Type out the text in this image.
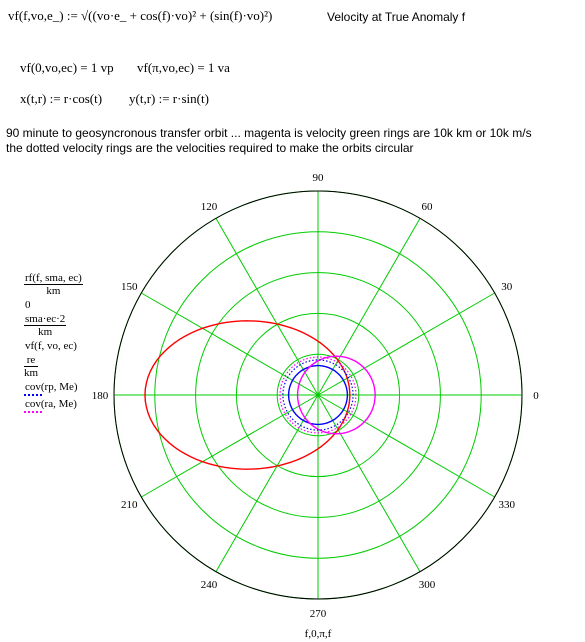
vf(f,vo,e_) := √((vo·e_ + cos(f)·vo)² + (sin(f)·vo)²)	Velocity at True Anomaly f
vf(0,vo,ec) = 1 vp vf(π,vo,ec) = 1 va
x(t,r) := r·cos(t) y(t,r) := r·sin(t)
90 minute to geosyncronous transfer orbit ... magenta is velocity green rings are 10k km or 10k m/s
the dotted velocity rings are the velocities required to make the orbits circular
$\frac{\text{rf(f, sma, ec)}}{km}$
0
$\frac{\text{sma·ec·2}}{km}$
vf(f, vo, ec)
$\frac{re}{km}$
cov(rp, Me)
cov(ra, Me)
0
30
60
90
120
150
180
210
240
270
300
330
f,0,π,f
